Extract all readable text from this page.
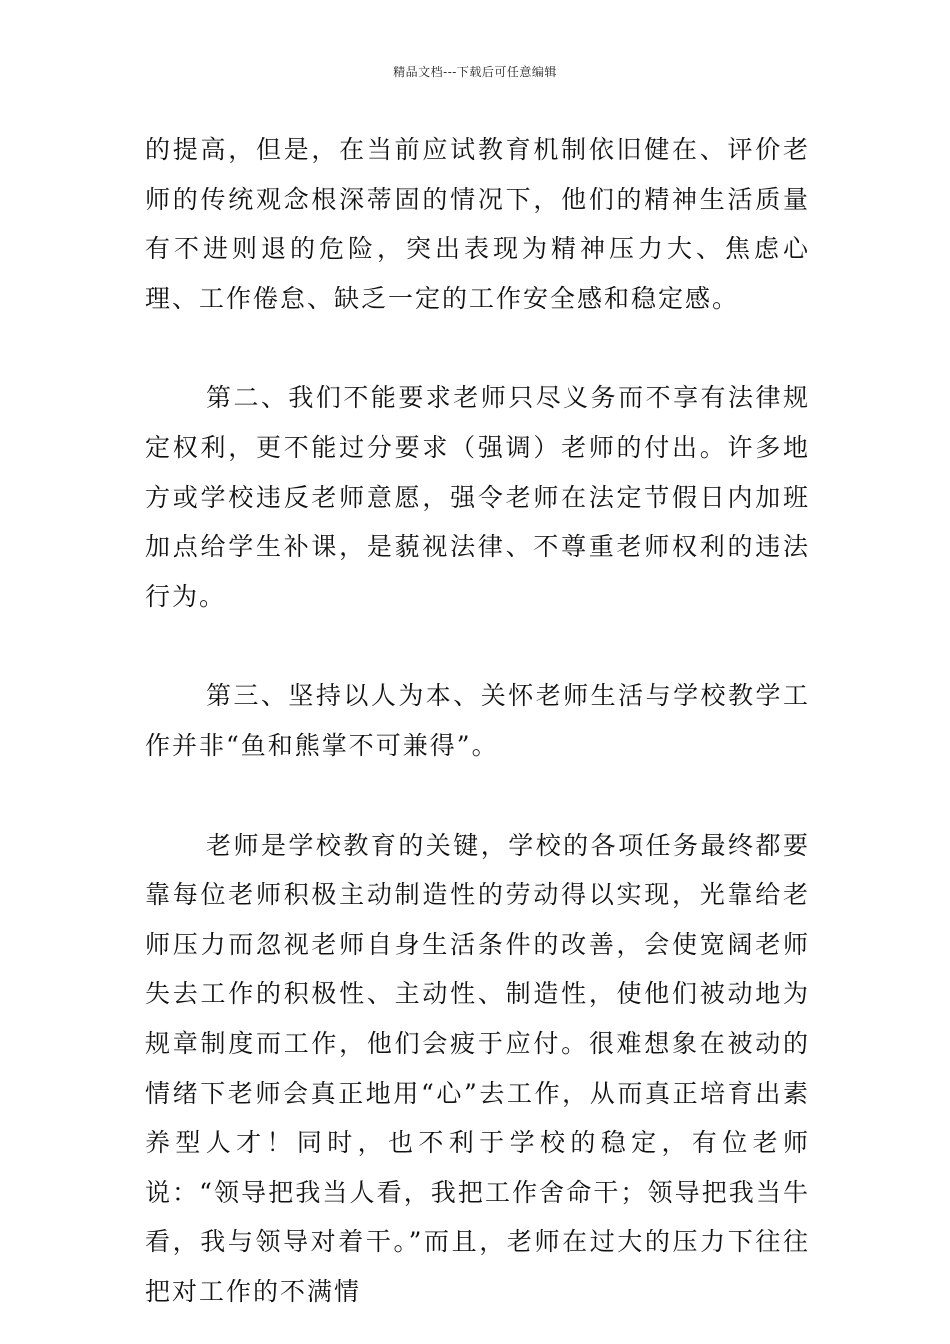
精品文档---下载后可任意编辑

的提高，但是，在当前应试教育机制依旧健在、评价老师的传统观念根深蒂固的情况下，他们的精神生活质量有不进则退的危险，突出表现为精神压力大、焦虑心理、工作倦怠、缺乏一定的工作安全感和稳定感。

第二、我们不能要求老师只尽义务而不享有法律规定权利，更不能过分要求（强调）老师的付出。许多地方或学校违反老师意愿，强令老师在法定节假日内加班加点给学生补课，是藐视法律、不尊重老师权利的违法行为。

第三、坚持以人为本、关怀老师生活与学校教学工作并非“鱼和熊掌不可兼得”。

老师是学校教育的关键，学校的各项任务最终都要靠每位老师积极主动制造性的劳动得以实现，光靠给老师压力而忽视老师自身生活条件的改善，会使宽阔老师失去工作的积极性、主动性、制造性，使他们被动地为规章制度而工作，他们会疲于应付。很难想象在被动的情绪下老师会真正地用“心”去工作，从而真正培育出素养型人才！同时，也不利于学校的稳定，有位老师说：“领导把我当人看，我把工作舍命干；领导把我当牛看，我与领导对着干。”而且，老师在过大的压力下往往把对工作的不满情
